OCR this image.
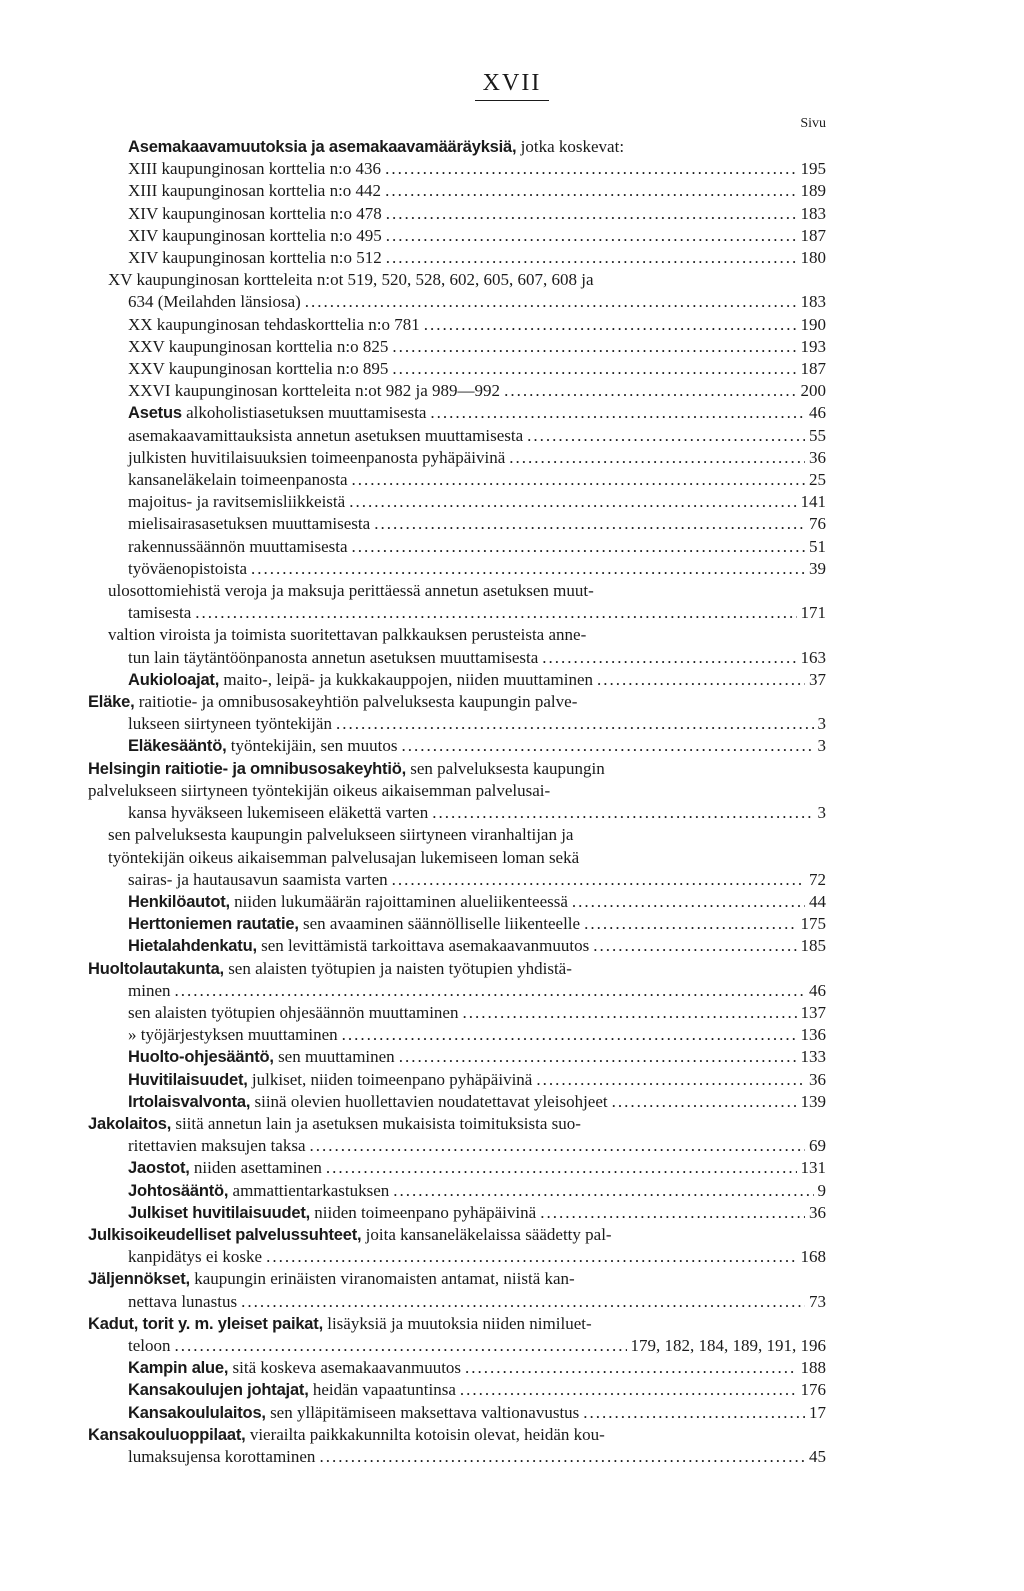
XVII
Sivu
Asemakaavamuutoksia ja asemakaavamääräyksiä, jotka koskevat:
XIII kaupunginosan korttelia n:o 436 .....	195
XIII kaupunginosan korttelia n:o 442 .....	189
XIV kaupunginosan korttelia n:o 478 .....	183
XIV kaupunginosan korttelia n:o 495 .....	187
XIV kaupunginosan korttelia n:o 512 .....	180
XV kaupunginosan kortteleita n:ot 519, 520, 528, 602, 605, 607, 608 ja
634 (Meilahden länsiosa) .....	183
XX kaupunginosan tehdaskorttelia n:o 781 .....	190
XXV kaupunginosan korttelia n:o 825 .....	193
XXV kaupunginosan korttelia n:o 895 .....	187
XXVI kaupunginosan kortteleita n:ot 982 ja 989—992 .....	200
Asetus alkoholistiasetuksen muuttamisesta .....	46
asemakaavamittauksista annetun asetuksen muuttamisesta .....	55
julkisten huvitilaisuuksien toimeenpanosta pyhäpäivinä .....	36
kansaneläkelain toimeenpanosta .....	25
majoitus- ja ravitsemisliikkeistä .....	141
mielisairasasetuksen muuttamisesta .....	76
rakennussäännön muuttamisesta .....	51
työväenopistoista .....	39
ulosottomiehistä veroja ja maksuja perittäessä annetun asetuksen muut-
tamisesta .....	171
valtion viroista ja toimista suoritettavan palkkauksen perusteista anne-
tun lain täytäntöönpanosta annetun asetuksen muuttamisesta .....	163
Aukioloajat, maito-, leipä- ja kukkakauppojen, niiden muuttaminen .....	37
Eläke, raitiotie- ja omnibusosakeyhtiön palveluksesta kaupungin palve-
lukseen siirtyneen työntekijän .....	3
Eläkesääntö, työntekijäin, sen muutos .....	3
Helsingin raitiotie- ja omnibusosakeyhtiö, sen palveluksesta kaupungin
palvelukseen siirtyneen työntekijän oikeus aikaisemman palvelusai-
kansa hyväkseen lukemiseen eläkettä varten .....	3
sen palveluksesta kaupungin palvelukseen siirtyneen viranhaltijan ja
työntekijän oikeus aikaisemman palvelusajan lukemiseen loman sekä
sairas- ja hautausavun saamista varten .....	72
Henkilöautot, niiden lukumäärän rajoittaminen alueliikenteessä .....	44
Herttoniemen rautatie, sen avaaminen säännölliselle liikenteelle .....	175
Hietalahdenkatu, sen levittämistä tarkoittava asemakaavanmuutos .....	185
Huoltolautakunta, sen alaisten työtupien ja naisten työtupien yhdistä-
minen .....	46
sen alaisten työtupien ohjesäännön muuttaminen .....	137
» työjärjestyksen muuttaminen .....	136
Huolto-ohjesääntö, sen muuttaminen .....	133
Huvitilaisuudet, julkiset, niiden toimeenpano pyhäpäivinä .....	36
Irtolaisvalvonta, siinä olevien huollettavien noudatettavat yleisohjeet .....	139
Jakolaitos, siitä annetun lain ja asetuksen mukaisista toimituksista suo-
ritettavien maksujen taksa .....	69
Jaostot, niiden asettaminen .....	131
Johtosääntö, ammattientarkastuksen .....	9
Julkiset huvitilaisuudet, niiden toimeenpano pyhäpäivinä .....	36
Julkisoikeudelliset palvelussuhteet, joita kansaneläkelaissa säädetty pal-
kanpidätys ei koske .....	168
Jäljennökset, kaupungin erinäisten viranomaisten antamat, niistä kan-
nettava lunastus .....	73
Kadut, torit y. m. yleiset paikat, lisäyksiä ja muutoksia niiden nimiluet-
teloon .....	179, 182, 184, 189, 191, 196
Kampin alue, sitä koskeva asemakaavanmuutos .....	188
Kansakoulujen johtajat, heidän vapaatuntinsa .....	176
Kansakoululaitos, sen ylläpitämiseen maksettava valtionavustus .....	17
Kansakouluoppilaat, vierailta paikkakunnilta kotoisin olevat, heidän kou-
lumaksujensa korottaminen .....	45
